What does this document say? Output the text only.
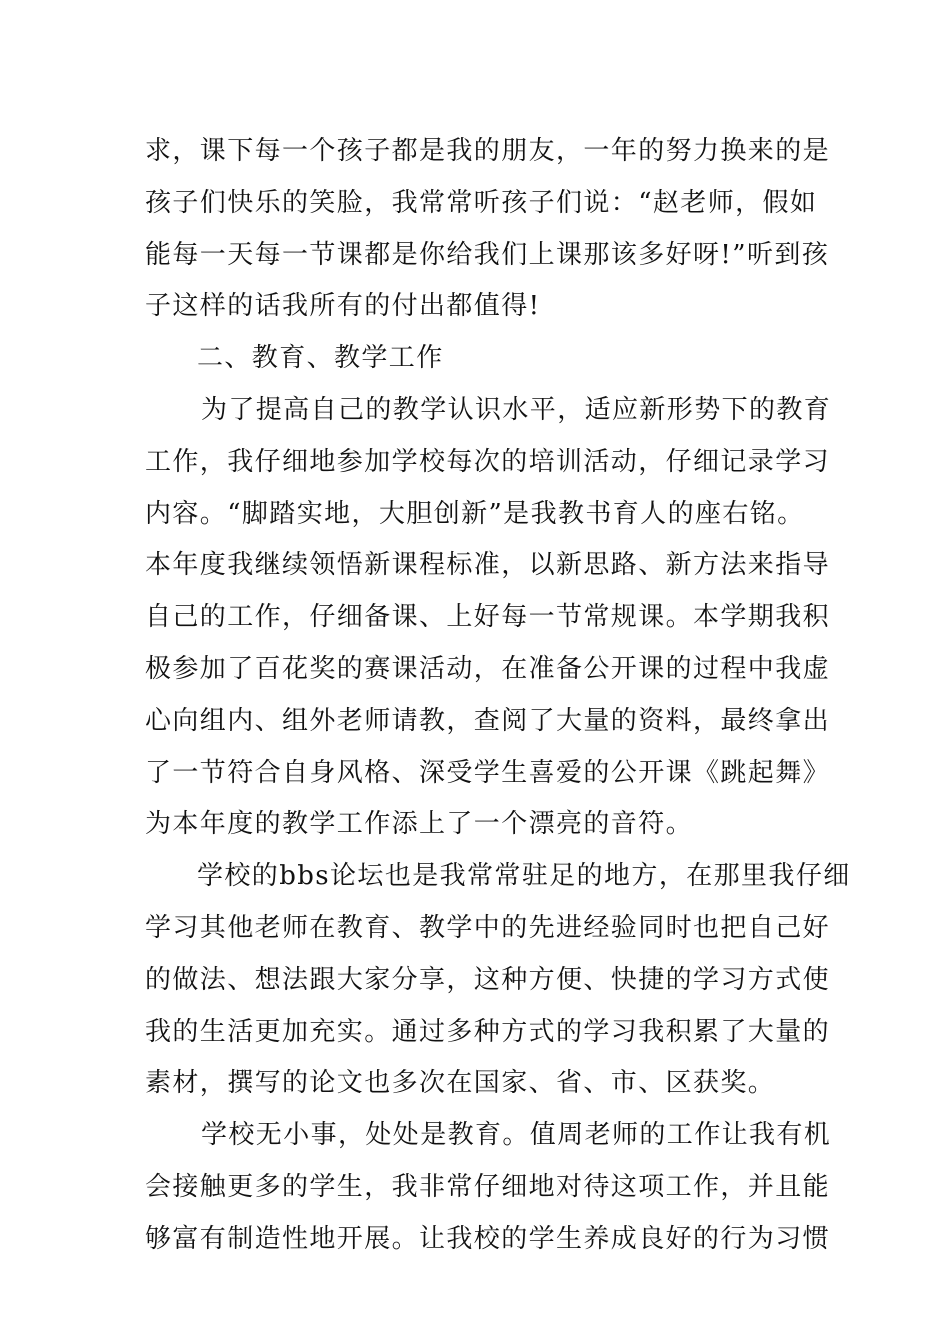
求，课下每一个孩子都是我的朋友，一年的努力换来的是
孩子们快乐的笑脸，我常常听孩子们说：“赵老师，假如
能每一天每一节课都是你给我们上课那该多好呀!”听到孩
子这样的话我所有的付出都值得!
二、教育、教学工作
为了提高自己的教学认识水平，适应新形势下的教育
工作，我仔细地参加学校每次的培训活动，仔细记录学习
内容。“脚踏实地，大胆创新”是我教书育人的座右铭。
本年度我继续领悟新课程标准，以新思路、新方法来指导
自己的工作，仔细备课、上好每一节常规课。本学期我积
极参加了百花奖的赛课活动，在准备公开课的过程中我虚
心向组内、组外老师请教，查阅了大量的资料，最终拿出
了一节符合自身风格、深受学生喜爱的公开课《跳起舞》
为本年度的教学工作添上了一个漂亮的音符。
学校的bbs论坛也是我常常驻足的地方，在那里我仔细
学习其他老师在教育、教学中的先进经验同时也把自己好
的做法、想法跟大家分享，这种方便、快捷的学习方式使
我的生活更加充实。通过多种方式的学习我积累了大量的
素材，撰写的论文也多次在国家、省、市、区获奖。
学校无小事，处处是教育。值周老师的工作让我有机
会接触更多的学生，我非常仔细地对待这项工作，并且能
够富有制造性地开展。让我校的学生养成良好的行为习惯
